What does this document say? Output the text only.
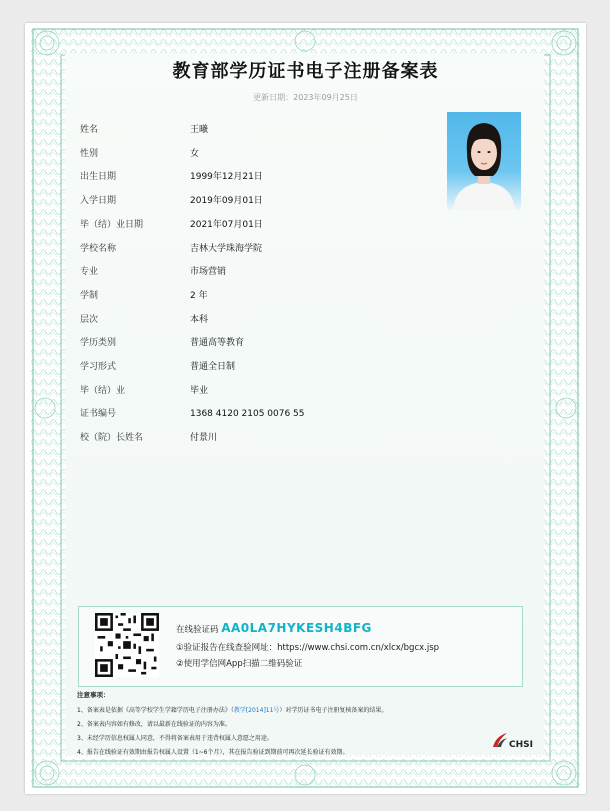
教育部学历证书电子注册备案表
更新日期：2023年09月25日
姓名	王曦
性别	女
出生日期	1999年12月21日
入学日期	2019年09月01日
毕（结）业日期	2021年07月01日
学校名称	吉林大学珠海学院
专业	市场营销
学制	2 年
层次	本科
学历类别	普通高等教育
学习形式	普通全日制
毕（结）业	毕业
证书编号	1368 4120 2105 0076 55
校（院）长姓名	付景川
在线验证码 AA0LA7HYKESH4BFG
①验证报告在线查验网址：https://www.chsi.com.cn/xlcx/bgcx.jsp
②使用学信网App扫描二维码验证
注意事项：
1、备案表是依据《高等学校学生学籍学历电子注册办法》（教学[2014]11号）对学历证书电子注册复核备案的结果。
2、备案表内容如有修改，请以最新在线验证的内容为准。
3、未经学历信息权属人同意，不得将备案表用于违背权属人意愿之用途。
4、报告在线验证有效期由报告权属人设置（1~6个月），其在报告验证到期前可再次延长验证有效期。
CHSI
